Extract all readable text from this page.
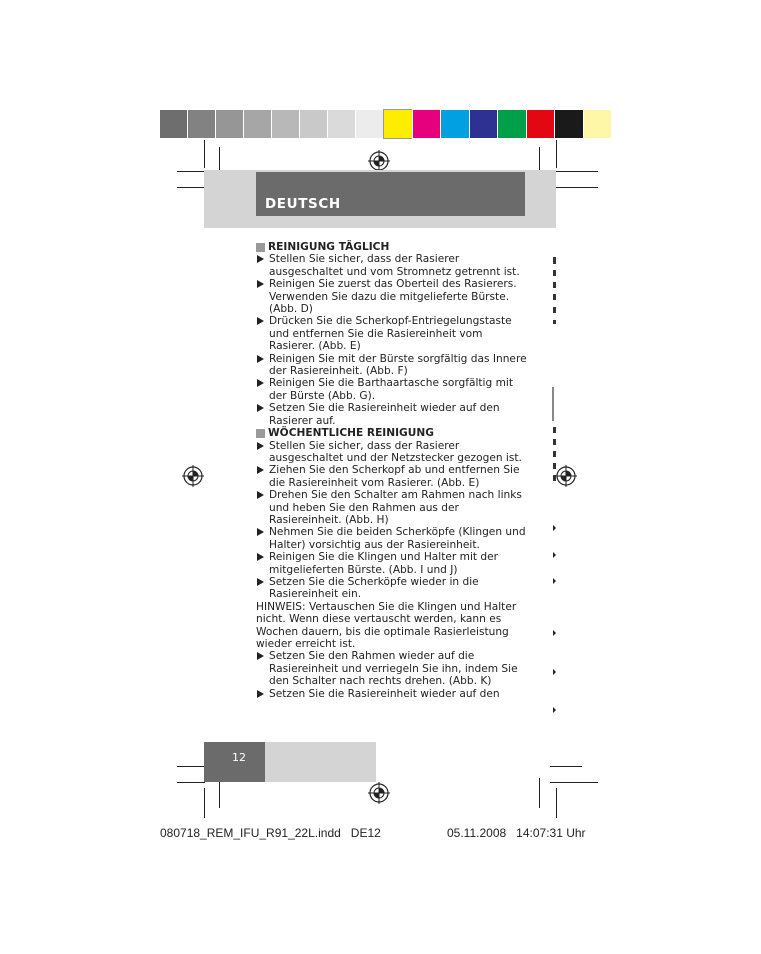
DEUTSCH

REINIGUNG TÄGLICH

Stellen Sie sicher, dass der Rasierer ausgeschaltet und vom Stromnetz getrennt ist.

Reinigen Sie zuerst das Oberteil des Rasierers. Verwenden Sie dazu die mitgelieferte Bürste. (Abb. D)

Drücken Sie die Scherkopf-Entriegelungstaste und entfernen Sie die Rasiereinheit vom Rasierer. (Abb. E)

Reinigen Sie mit der Bürste sorgfältig das Innere der Rasiereinheit. (Abb. F)

Reinigen Sie die Barthaartasche sorgfältig mit der Bürste (Abb. G).

Setzen Sie die Rasiereinheit wieder auf den Rasierer auf.

WÖCHENTLICHE REINIGUNG

Stellen Sie sicher, dass der Rasierer ausgeschaltet und der Netzstecker gezogen ist.

Ziehen Sie den Scherkopf ab und entfernen Sie die Rasiereinheit vom Rasierer. (Abb. E)

Drehen Sie den Schalter am Rahmen nach links und heben Sie den Rahmen aus der Rasiereinheit. (Abb. H)

Nehmen Sie die beiden Scherköpfe (Klingen und Halter) vorsichtig aus der Rasiereinheit.

Reinigen Sie die Klingen und Halter mit der mitgelieferten Bürste. (Abb. I und J)

Setzen Sie die Scherköpfe wieder in die Rasiereinheit ein.

HINWEIS: Vertauschen Sie die Klingen und Halter nicht. Wenn diese vertauscht werden, kann es Wochen dauern, bis die optimale Rasierleistung wieder erreicht ist.

Setzen Sie den Rahmen wieder auf die Rasiereinheit und verriegeln Sie ihn, indem Sie den Schalter nach rechts drehen. (Abb. K)

Setzen Sie die Rasiereinheit wieder auf den

12
080718_REM_IFU_R91_22L.indd   DE12	05.11.2008   14:07:31 Uhr
